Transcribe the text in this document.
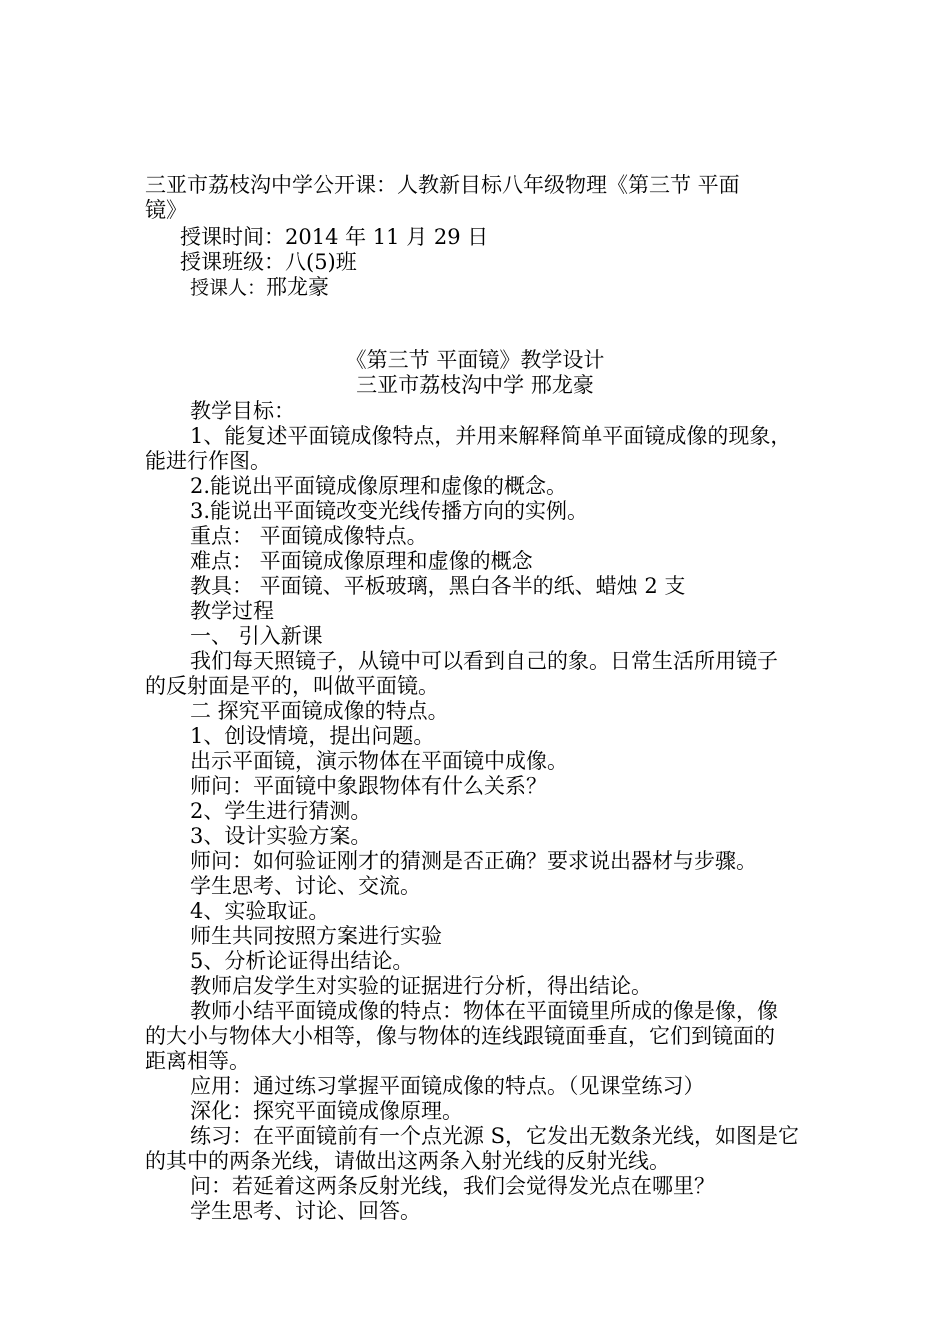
三亚市荔枝沟中学公开课：人教新目标八年级物理《第三节 平面
镜》
授课时间：2014 年 11 月 29 日
授课班级：八(5)班
授课人：邢龙豪
《第三节 平面镜》教学设计
三亚市荔枝沟中学 邢龙豪
教学目标：
1、能复述平面镜成像特点，并用来解释简单平面镜成像的现象，
能进行作图。
2.能说出平面镜成像原理和虚像的概念。
3.能说出平面镜改变光线传播方向的实例。
重点： 平面镜成像特点。
难点： 平面镜成像原理和虚像的概念
教具： 平面镜、平板玻璃，黑白各半的纸、蜡烛 2 支
教学过程
一、 引入新课
我们每天照镜子，从镜中可以看到自己的象。日常生活所用镜子
的反射面是平的，叫做平面镜。
二 探究平面镜成像的特点。
1、创设情境，提出问题。
出示平面镜，演示物体在平面镜中成像。
师问：平面镜中象跟物体有什么关系？
2、学生进行猜测。
3、设计实验方案。
师问：如何验证刚才的猜测是否正确？要求说出器材与步骤。
学生思考、讨论、交流。
4、实验取证。
师生共同按照方案进行实验
5、分析论证得出结论。
教师启发学生对实验的证据进行分析，得出结论。
教师小结平面镜成像的特点：物体在平面镜里所成的像是像，像
的大小与物体大小相等，像与物体的连线跟镜面垂直，它们到镜面的
距离相等。
应用：通过练习掌握平面镜成像的特点。（见课堂练习）
深化：探究平面镜成像原理。
练习：在平面镜前有一个点光源 S，它发出无数条光线，如图是它
的其中的两条光线，请做出这两条入射光线的反射光线。
问：若延着这两条反射光线，我们会觉得发光点在哪里？
学生思考、讨论、回答。
